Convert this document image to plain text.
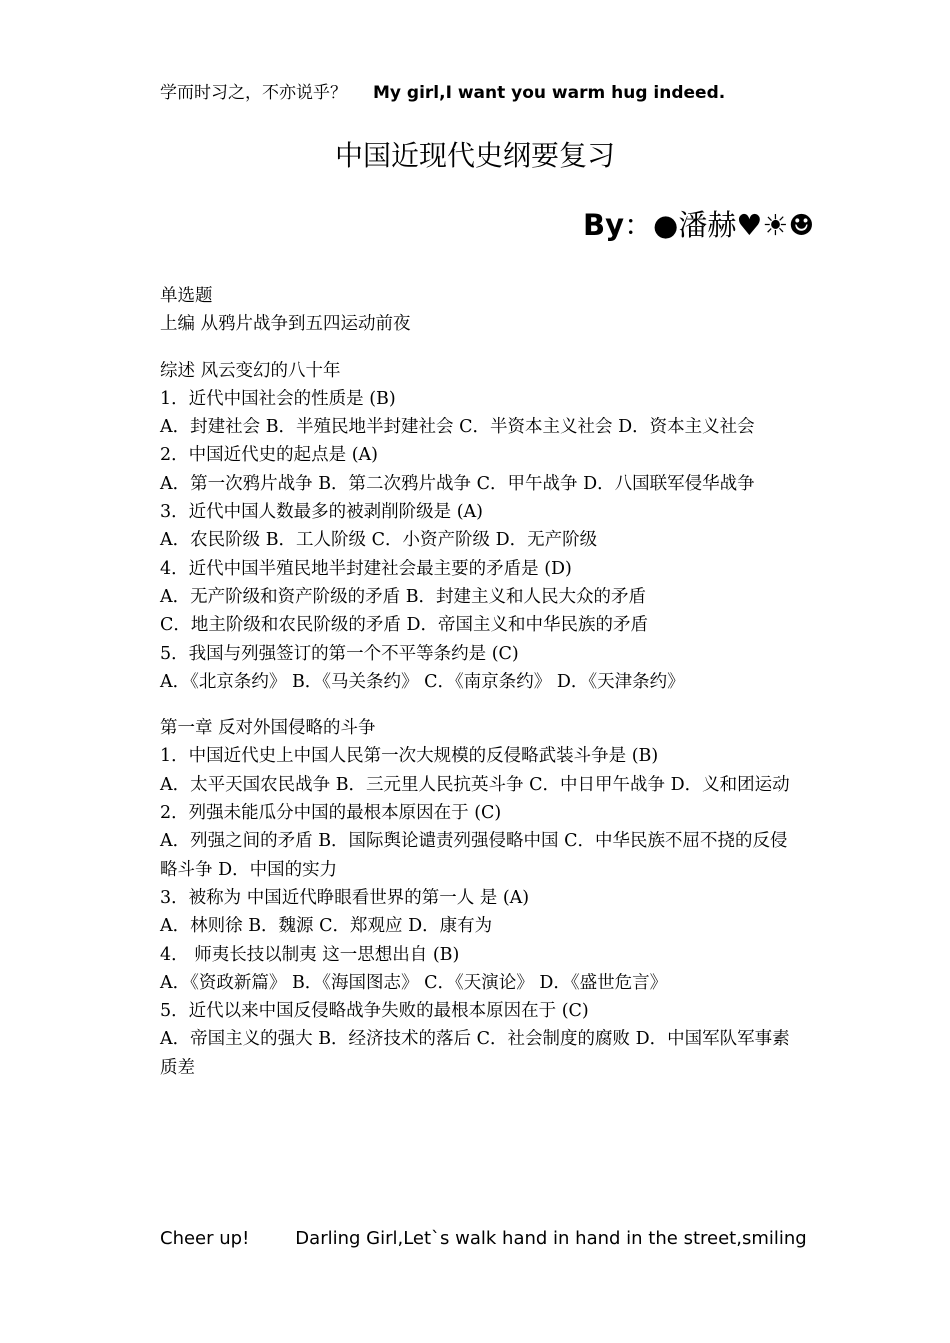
学而时习之，不亦说乎？ My girl,I want you warm hug indeed.
中国近现代史纲要复习
By：●潘赫♥☀☻

单选题

上编 从鸦片战争到五四运动前夜

综述 风云变幻的八十年

1．近代中国社会的性质是 (B)

A．封建社会 B．半殖民地半封建社会 C．半资本主义社会 D．资本主义社会

2．中国近代史的起点是 (A)

A．第一次鸦片战争 B．第二次鸦片战争 C．甲午战争 D．八国联军侵华战争

3．近代中国人数最多的被剥削阶级是 (A)

A．农民阶级 B．工人阶级 C．小资产阶级 D．无产阶级

4．近代中国半殖民地半封建社会最主要的矛盾是 (D)

A．无产阶级和资产阶级的矛盾 B．封建主义和人民大众的矛盾

C．地主阶级和农民阶级的矛盾 D．帝国主义和中华民族的矛盾

5．我国与列强签订的第一个不平等条约是 (C)

A．《北京条约》 B．《马关条约》 C．《南京条约》 D．《天津条约》

第一章 反对外国侵略的斗争

1．中国近代史上中国人民第一次大规模的反侵略武装斗争是 (B)

A．太平天国农民战争 B．三元里人民抗英斗争 C．中日甲午战争 D．义和团运动

2．列强未能瓜分中国的最根本原因在于 (C)

A．列强之间的矛盾 B．国际舆论谴责列强侵略中国 C．中华民族不屈不挠的反侵略斗争 D．中国的实力

3．被称为 中国近代睁眼看世界的第一人 是 (A)

A．林则徐 B．魏源 C．郑观应 D．康有为

4． 师夷长技以制夷 这一思想出自 (B)

A．《资政新篇》 B．《海国图志》 C．《天演论》 D．《盛世危言》

5．近代以来中国反侵略战争失败的最根本原因在于 (C)

A．帝国主义的强大 B．经济技术的落后 C．社会制度的腐败 D．中国军队军事素质差

Cheer up!	Darling Girl,Let`s walk hand in hand in the street,smiling
